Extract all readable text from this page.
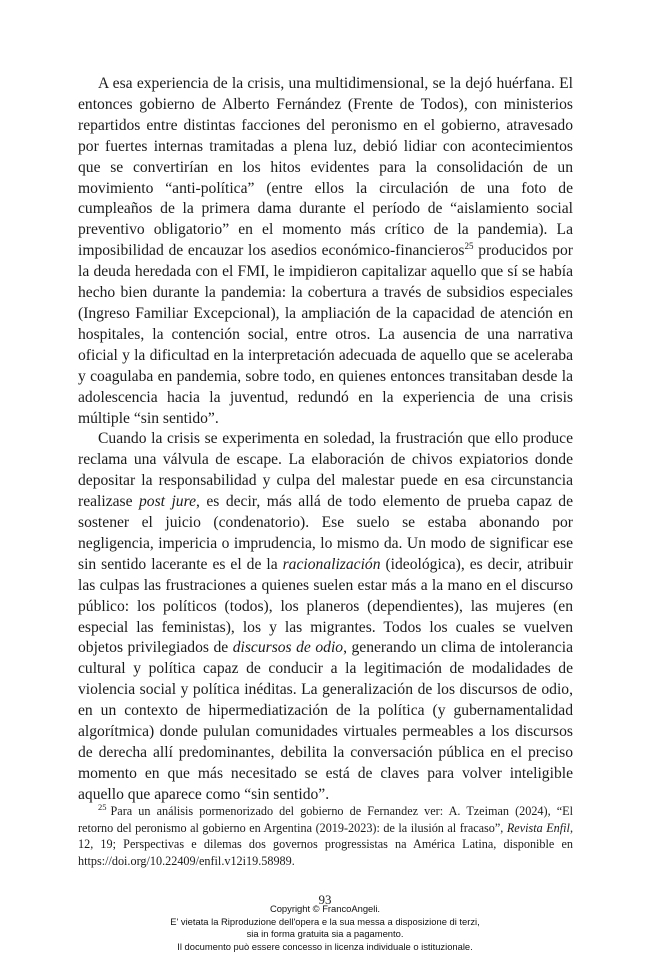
A esa experiencia de la crisis, una multidimensional, se la dejó huérfana. El entonces gobierno de Alberto Fernández (Frente de Todos), con ministerios repartidos entre distintas facciones del peronismo en el gobierno, atravesado por fuertes internas tramitadas a plena luz, debió lidiar con acontecimientos que se convertirían en los hitos evidentes para la consolidación de un movimiento “anti-política” (entre ellos la circulación de una foto de cumpleaños de la primera dama durante el período de “aislamiento social preventivo obligatorio” en el momento más crítico de la pandemia). La imposibilidad de encauzar los asedios económico-financieros$^{25}$ producidos por la deuda heredada con el FMI, le impidieron capitalizar aquello que sí se había hecho bien durante la pandemia: la cobertura a través de subsidios especiales (Ingreso Familiar Excepcional), la ampliación de la capacidad de atención en hospitales, la contención social, entre otros. La ausencia de una narrativa oficial y la dificultad en la interpretación adecuada de aquello que se aceleraba y coagulaba en pandemia, sobre todo, en quienes entonces transitaban desde la adolescencia hacia la juventud, redundó en la experiencia de una crisis múltiple “sin sentido”.

Cuando la crisis se experimenta en soledad, la frustración que ello produce reclama una válvula de escape. La elaboración de chivos expiatorios donde depositar la responsabilidad y culpa del malestar puede en esa circunstancia realizase post jure, es decir, más allá de todo elemento de prueba capaz de sostener el juicio (condenatorio). Ese suelo se estaba abonando por negligencia, impericia o imprudencia, lo mismo da. Un modo de significar ese sin sentido lacerante es el de la racionalización (ideológica), es decir, atribuir las culpas las frustraciones a quienes suelen estar más a la mano en el discurso público: los políticos (todos), los planeros (dependientes), las mujeres (en especial las feministas), los y las migrantes. Todos los cuales se vuelven objetos privilegiados de discursos de odio, generando un clima de intolerancia cultural y política capaz de conducir a la legitimación de modalidades de violencia social y política inéditas. La generalización de los discursos de odio, en un contexto de hipermediatización de la política (y gubernamentalidad algorítmica) donde pululan comunidades virtuales permeables a los discursos de derecha allí predominantes, debilita la conversación pública en el preciso momento en que más necesitado se está de claves para volver inteligible aquello que aparece como “sin sentido”.

$^{25}$ Para un análisis pormenorizado del gobierno de Fernandez ver: A. Tzeiman (2024), “El retorno del peronismo al gobierno en Argentina (2019-2023): de la ilusión al fracaso”, Revista Enfil, 12, 19; Perspectivas e dilemas dos governos progressistas na América Latina, disponible en https://doi.org/10.22409/enfil.v12i19.58989.
93
Copyright © FrancoAngeli.
E' vietata la Riproduzione dell'opera e la sua messa a disposizione di terzi,
sia in forma gratuita sia a pagamento.
Il documento può essere concesso in licenza individuale o istituzionale.
